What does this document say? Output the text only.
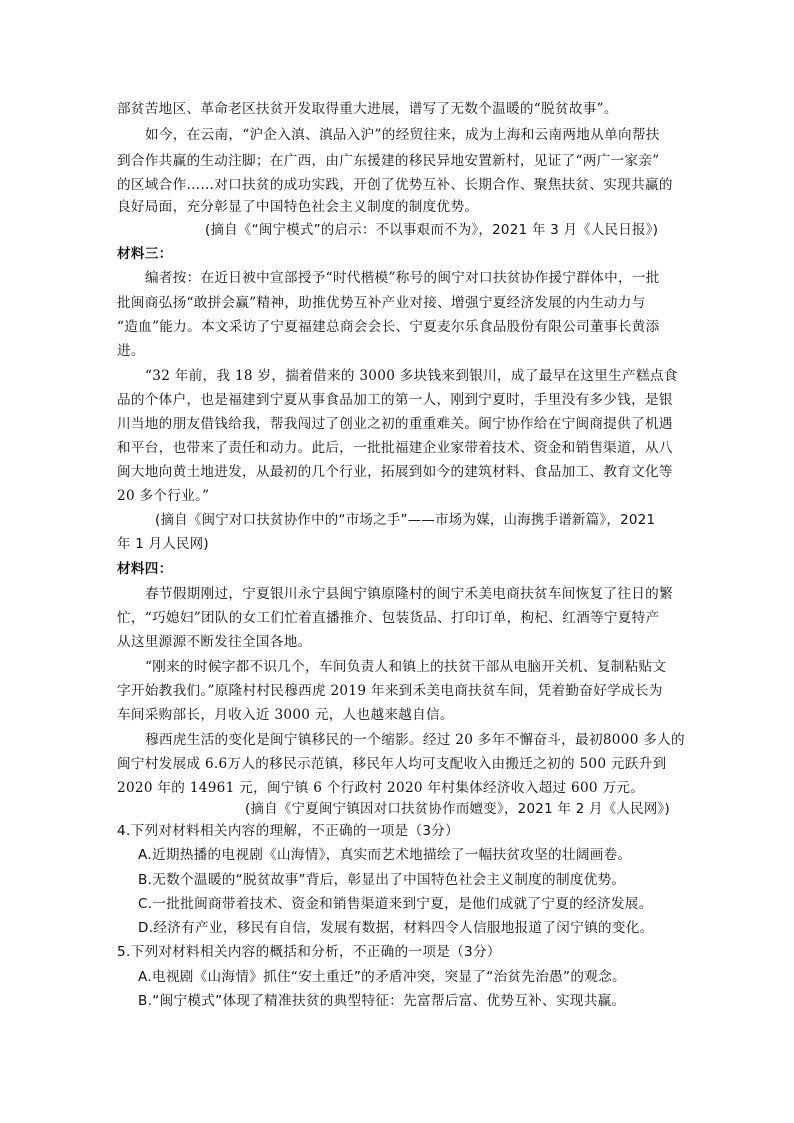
部贫苦地区、革命老区扶贫开发取得重大进展，谱写了无数个温暖的“脱贫故事”。
如今，在云南，“沪企入滇、滇品入沪”的经贸往来，成为上海和云南两地从单向帮扶
到合作共赢的生动注脚；在广西，由广东援建的移民异地安置新村，见证了“两广一家亲”
的区域合作……对口扶贫的成功实践，开创了优势互补、长期合作、聚焦扶贫、实现共赢的
良好局面，充分彰显了中国特色社会主义制度的制度优势。
(摘自《“闽宁模式”的启示：不以事艰而不为》，2021 年 3 月《人民日报》)
材料三：
编者按：在近日被中宣部授予“时代楷模”称号的闽宁对口扶贫协作援宁群体中，一批
批闽商弘扬“敢拼会赢”精神，助推优势互补产业对接、增强宁夏经济发展的内生动力与
“造血”能力。本文采访了宁夏福建总商会会长、宁夏麦尔乐食品股份有限公司董事长黄添
进。
“32 年前，我 18 岁，揣着借来的 3000 多块钱来到银川，成了最早在这里生产糕点食
品的个体户，也是福建到宁夏从事食品加工的第一人，刚到宁夏时，手里没有多少钱，是银
川当地的朋友借钱给我，帮我闯过了创业之初的重重难关。闽宁协作给在宁闽商提供了机遇
和平台，也带来了责任和动力。此后，一批批福建企业家带着技术、资金和销售渠道，从八
闽大地向黄土地进发，从最初的几个行业，拓展到如今的建筑材料、食品加工、教育文化等
20 多个行业。”
(摘自《闽宁对口扶贫协作中的“市场之手”——市场为媒，山海携手谱新篇》，2021
年 1 月人民网)
材料四：
春节假期刚过，宁夏银川永宁县闽宁镇原隆村的闽宁禾美电商扶贫车间恢复了往日的繁
忙，“巧媳妇”团队的女工们忙着直播推介、包装货品、打印订单，枸杞、红酒等宁夏特产
从这里源源不断发往全国各地。
“刚来的时候字都不识几个，车间负责人和镇上的扶贫干部从电脑开关机、复制粘贴文
字开始教我们。”原隆村村民穆西虎 2019 年来到禾美电商扶贫车间，凭着勤奋好学成长为
车间采购部长，月收入近 3000 元，人也越来越自信。
穆西虎生活的变化是闽宁镇移民的一个缩影。经过 20 多年不懈奋斗，最初8000 多人的
闽宁村发展成 6.6万人的移民示范镇，移民年人均可支配收入由搬迁之初的 500 元跃升到
2020 年的 14961 元，闽宁镇 6 个行政村 2020 年村集体经济收入超过 600 万元。
(摘自《宁夏闽宁镇因对口扶贫协作而嬗变》，2021 年 2 月《人民网》)
4.下列对材料相关内容的理解，不正确的一项是（3分）
A.近期热播的电视剧《山海情》，真实而艺术地描绘了一幅扶贫攻坚的壮阔画卷。
B.无数个温暖的“脱贫故事”背后，彰显出了中国特色社会主义制度的制度优势。
C.一批批闽商带着技术、资金和销售渠道来到宁夏，是他们成就了宁夏的经济发展。
D.经济有产业，移民有自信，发展有数据，材料四令人信服地报道了闵宁镇的变化。
5.下列对材料相关内容的概括和分析，不正确的一项是（3分）
A.电视剧《山海情》抓住“安土重迁”的矛盾冲突，突显了“治贫先治愚”的观念。
B.“闽宁模式”体现了精准扶贫的典型特征：先富帮后富、优势互补、实现共赢。
